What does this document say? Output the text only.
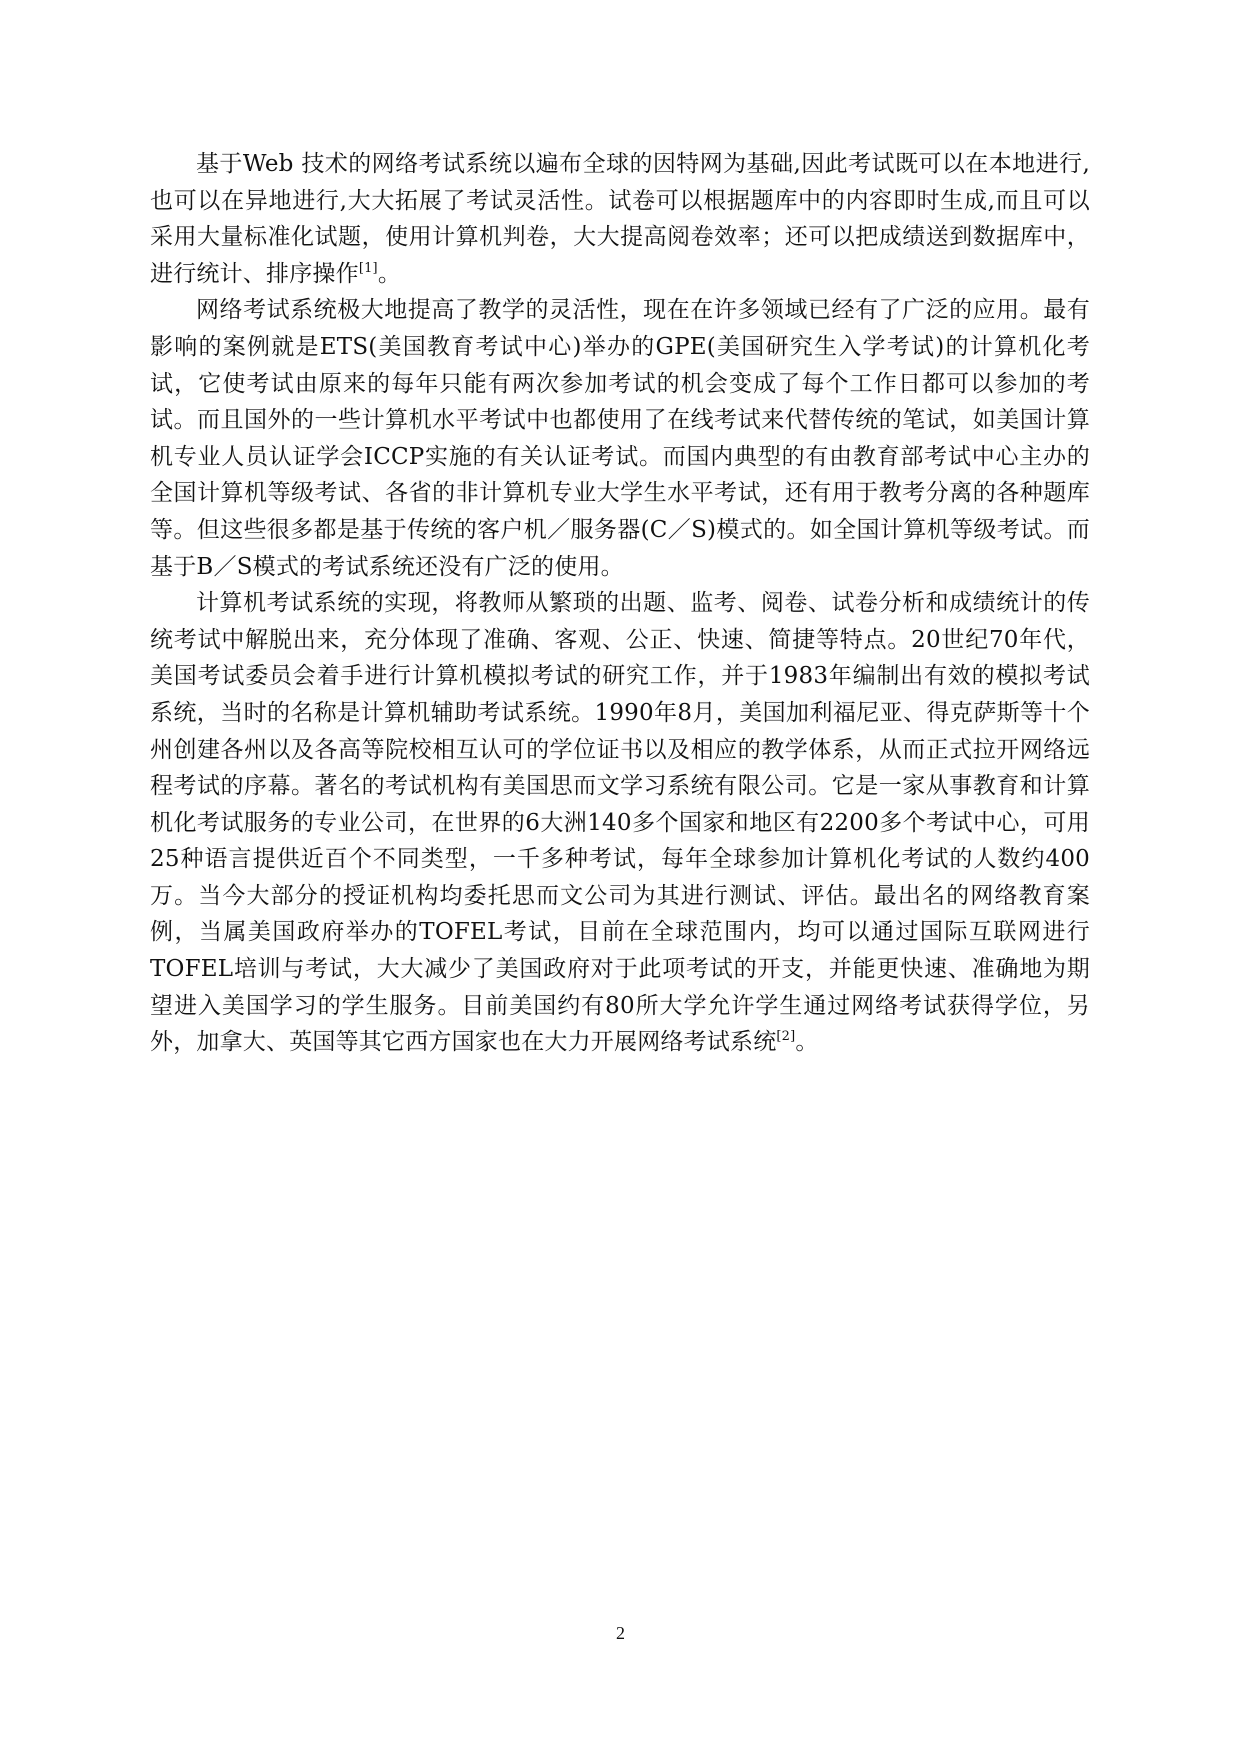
基于Web 技术的网络考试系统以遍布全球的因特网为基础,因此考试既可以在本地进行,也可以在异地进行,大大拓展了考试灵活性。试卷可以根据题库中的内容即时生成,而且可以采用大量标准化试题，使用计算机判卷，大大提高阅卷效率；还可以把成绩送到数据库中，进行统计、排序操作[1]。

网络考试系统极大地提高了教学的灵活性，现在在许多领域已经有了广泛的应用。最有影响的案例就是ETS(美国教育考试中心)举办的GPE(美国研究生入学考试)的计算机化考试，它使考试由原来的每年只能有两次参加考试的机会变成了每个工作日都可以参加的考试。而且国外的一些计算机水平考试中也都使用了在线考试来代替传统的笔试，如美国计算机专业人员认证学会ICCP实施的有关认证考试。而国内典型的有由教育部考试中心主办的全国计算机等级考试、各省的非计算机专业大学生水平考试，还有用于教考分离的各种题库等。但这些很多都是基于传统的客户机／服务器(C／S)模式的。如全国计算机等级考试。而基于B／S模式的考试系统还没有广泛的使用。

计算机考试系统的实现，将教师从繁琐的出题、监考、阅卷、试卷分析和成绩统计的传统考试中解脱出来，充分体现了准确、客观、公正、快速、简捷等特点。20世纪70年代，美国考试委员会着手进行计算机模拟考试的研究工作，并于1983年编制出有效的模拟考试系统，当时的名称是计算机辅助考试系统。1990年8月，美国加利福尼亚、得克萨斯等十个州创建各州以及各高等院校相互认可的学位证书以及相应的教学体系，从而正式拉开网络远程考试的序幕。著名的考试机构有美国思而文学习系统有限公司。它是一家从事教育和计算机化考试服务的专业公司，在世界的6大洲140多个国家和地区有2200多个考试中心，可用25种语言提供近百个不同类型，一千多种考试，每年全球参加计算机化考试的人数约400万。当今大部分的授证机构均委托思而文公司为其进行测试、评估。最出名的网络教育案例，当属美国政府举办的TOFEL考试，目前在全球范围内，均可以通过国际互联网进行TOFEL培训与考试，大大减少了美国政府对于此项考试的开支，并能更快速、准确地为期望进入美国学习的学生服务。目前美国约有80所大学允许学生通过网络考试获得学位，另外，加拿大、英国等其它西方国家也在大力开展网络考试系统[2]。

2
